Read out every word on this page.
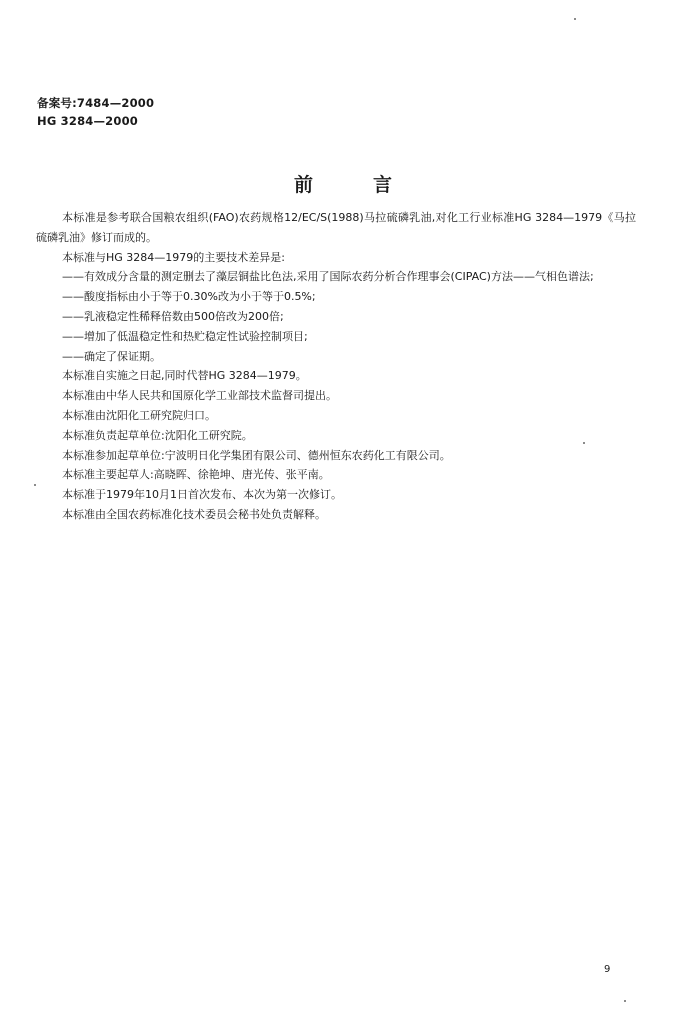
备案号:7484—2000
HG 3284—2000
前言

本标准是参考联合国粮农组织(FAO)农药规格12/EC/S(1988)马拉硫磷乳油,对化工行业标准HG 3284—1979《马拉硫磷乳油》修订而成的。

本标准与HG 3284—1979的主要技术差异是:

——有效成分含量的测定删去了藻层铜盐比色法,采用了国际农药分析合作理事会(CIPAC)方法——气相色谱法;

——酸度指标由小于等于0.30%改为小于等于0.5%;

——乳液稳定性稀释倍数由500倍改为200倍;

——增加了低温稳定性和热贮稳定性试验控制项目;

——确定了保证期。

本标准自实施之日起,同时代替HG 3284—1979。

本标准由中华人民共和国原化学工业部技术监督司提出。

本标准由沈阳化工研究院归口。

本标准负责起草单位:沈阳化工研究院。

本标准参加起草单位:宁波明日化学集团有限公司、德州恒东农药化工有限公司。

本标准主要起草人:高晓晖、徐艳坤、唐光传、张平南。

本标准于1979年10月1日首次发布、本次为第一次修订。

本标准由全国农药标准化技术委员会秘书处负责解释。

9
